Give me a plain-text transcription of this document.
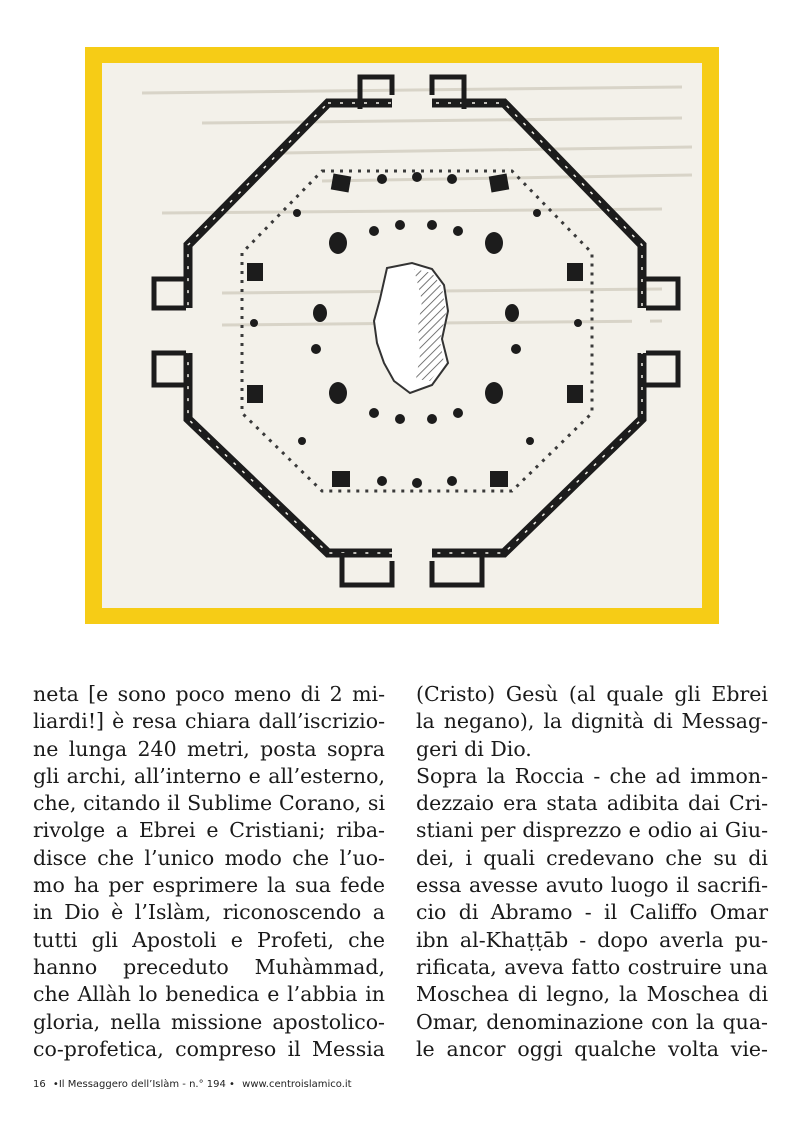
neta [e sono poco meno di 2 mi-

liardi!] è resa chiara dall’iscrizio-

ne lunga 240 metri, posta sopra

gli archi, all’interno e all’esterno,

che, citando il Sublime Corano, si

rivolge a Ebrei e Cristiani; riba-

disce che l’unico modo che l’uo-

mo ha per esprimere la sua fede

in Dio è l’Islàm, riconoscendo a

tutti gli Apostoli e Profeti, che

hanno preceduto Muhàmmad,

che Allàh lo benedica e l’abbia in

gloria, nella missione apostolico-

co-profetica, compreso il Messia

(Cristo) Gesù (al quale gli Ebrei

la negano), la dignità di Messag-

geri di Dio.

Sopra la Roccia - che ad immon-

dezzaio era stata adibita dai Cri-

stiani per disprezzo e odio ai Giu-

dei, i quali credevano che su di

essa avesse avuto luogo il sacrifi-

cio di Abramo - il Califfo Omar

ibn al-Khaṭṭāb - dopo averla pu-

rificata, aveva fatto costruire una

Moschea di legno, la Moschea di

Omar, denominazione con la qua-

le ancor oggi qualche volta vie-

16 •Il Messaggero dell’Islàm - n.° 194 • www.centroislamico.it
